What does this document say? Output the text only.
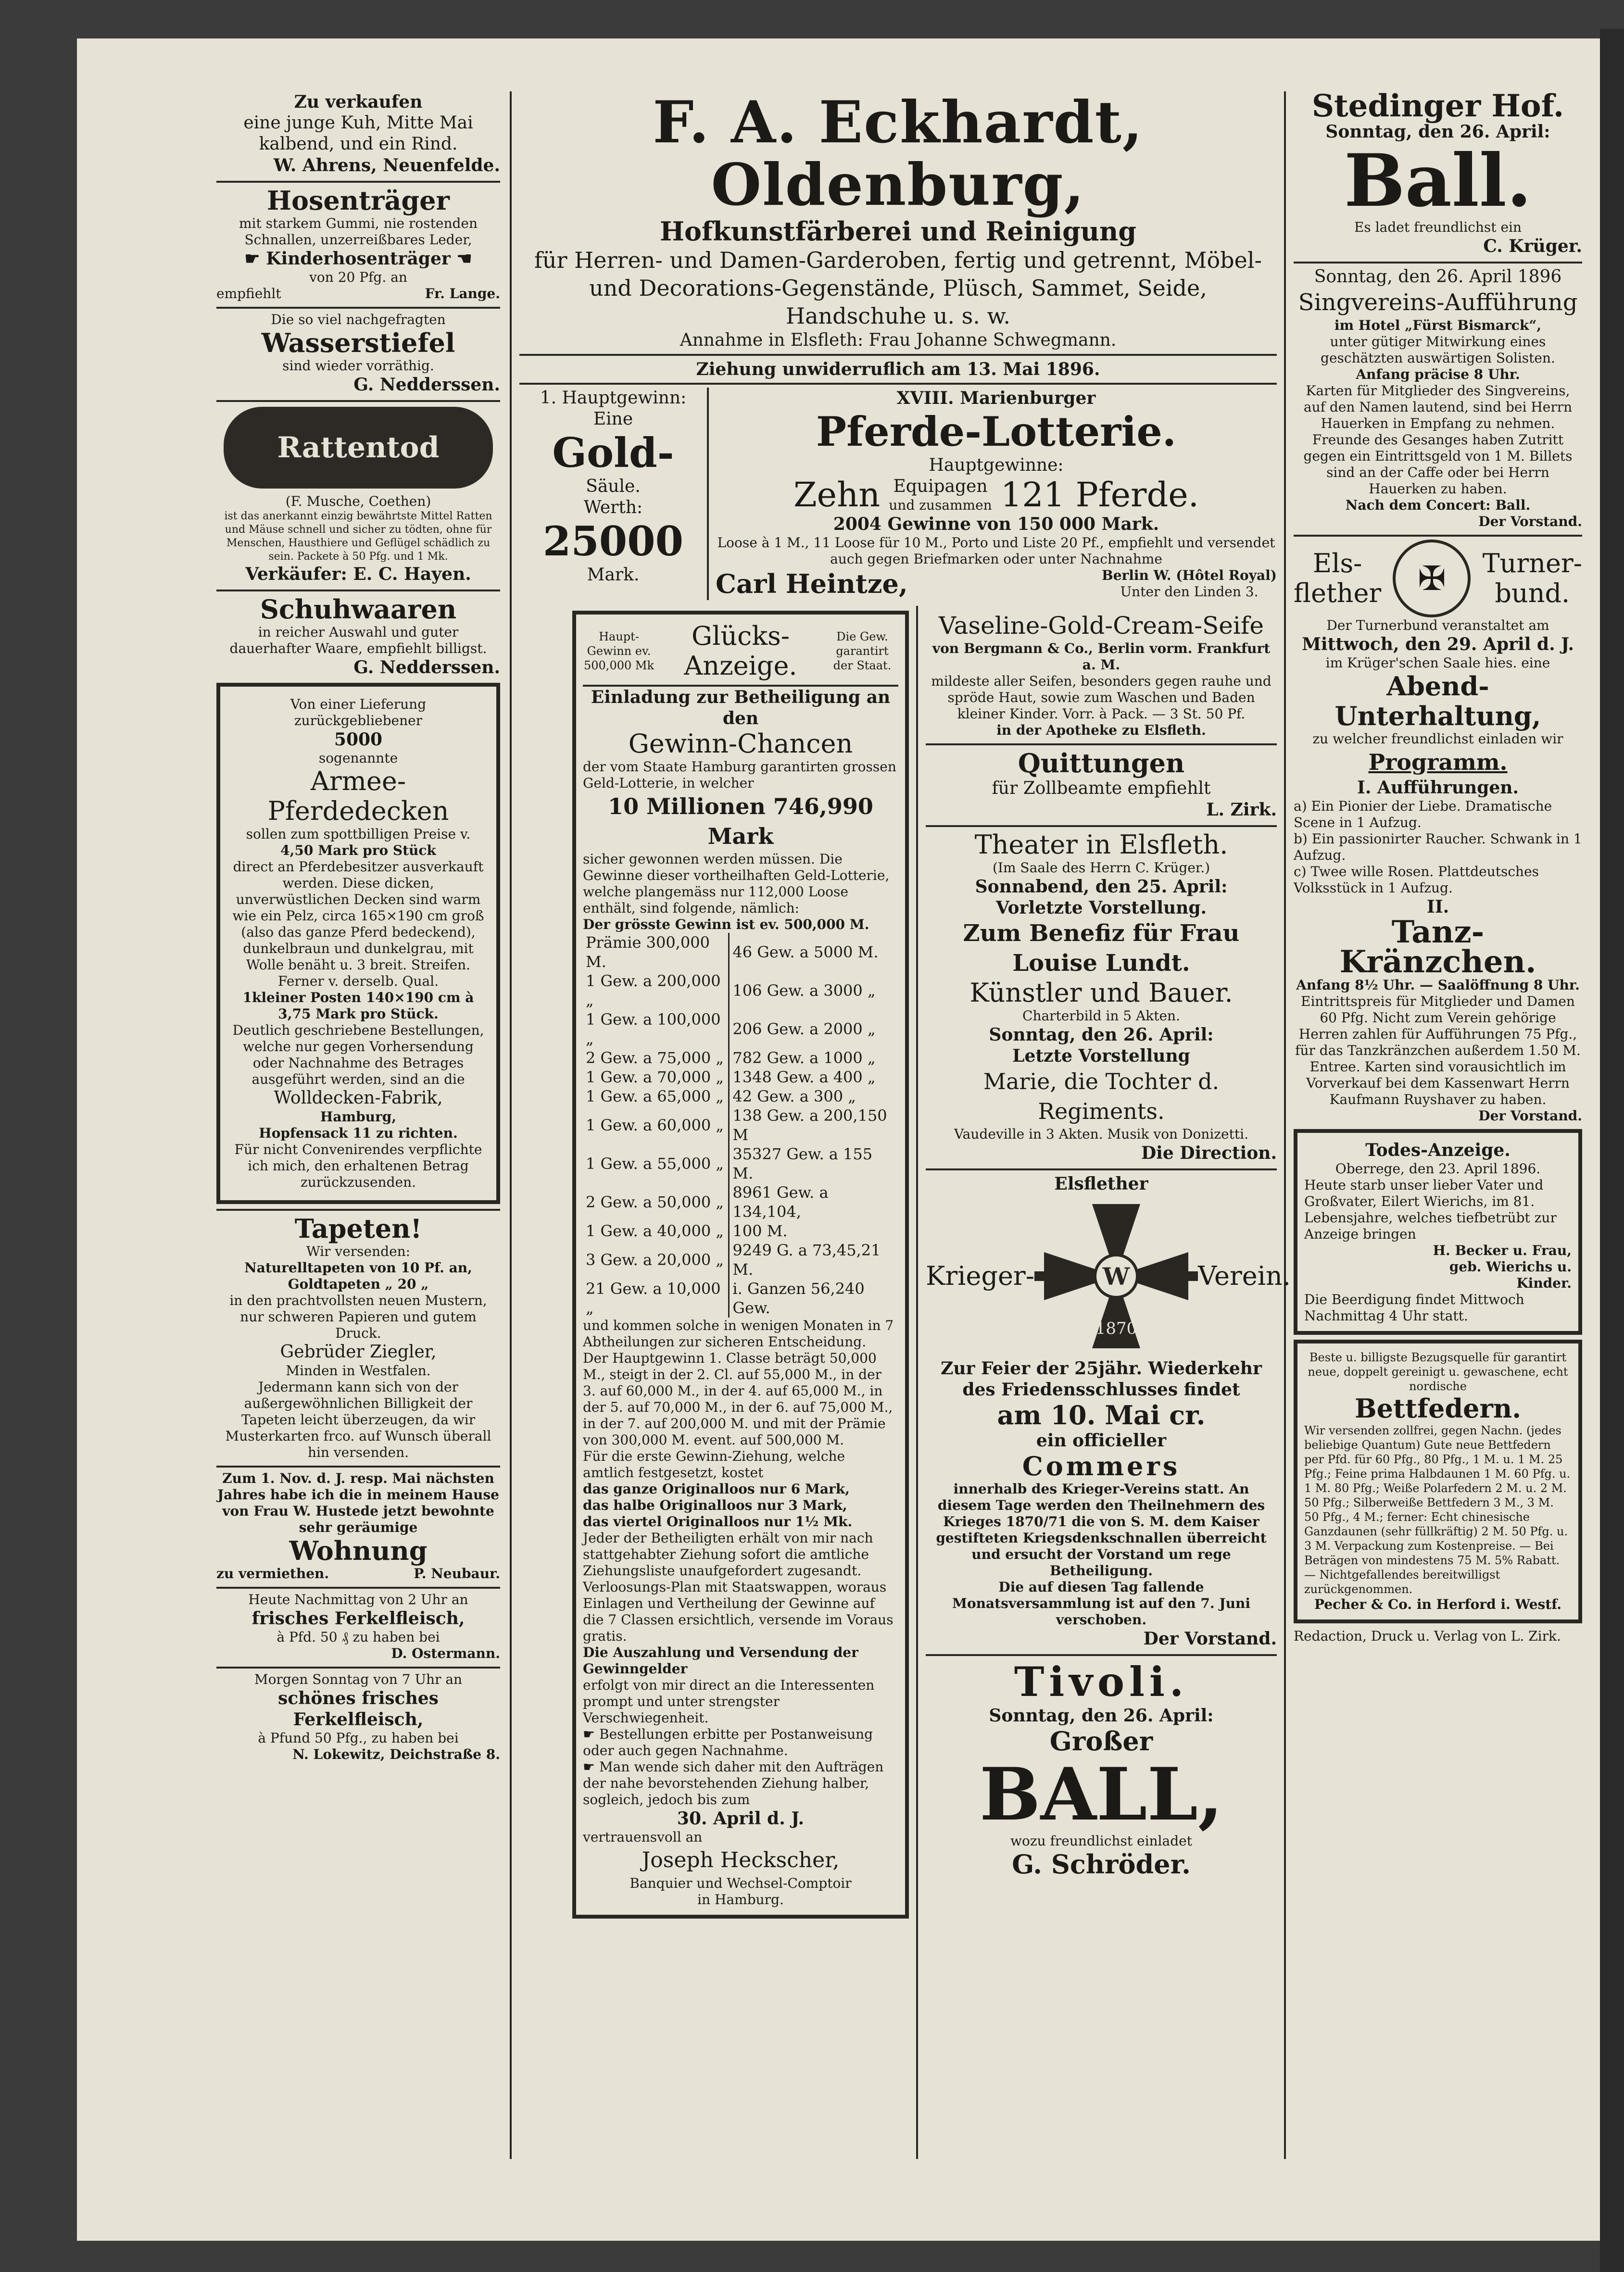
Zu verkaufen
eine junge Kuh, Mitte Mai kalbend, und ein Rind.
W. Ahrens, Neuenfelde.
Hosenträger
mit starkem Gummi, nie rostenden Schnallen, unzerreißbares Leder,
☛ Kinderhosenträger ☚
von 20 Pfg. an
empfiehlt	Fr. Lange.
Die so viel nachgefragten
Wasserstiefel
sind wieder vorräthig.
G. Nedderssen.
Rattentod
(F. Musche, Coethen)
ist das anerkannt einzig bewährtste Mittel Ratten und Mäuse schnell und sicher zu tödten, ohne für Menschen, Hausthiere und Geflügel schädlich zu sein. Packete à 50 Pfg. und 1 Mk.
Verkäufer: E. C. Hayen.
Schuhwaaren
in reicher Auswahl und guter dauerhafter Waare, empfiehlt billigst.
G. Nedderssen.
Von einer Lieferung zurückgebliebener
5000
sogenannte
Armee-
Pferdedecken
sollen zum spottbilligen Preise v.
4,50 Mark pro Stück
direct an Pferdebesitzer ausverkauft werden. Diese dicken, unverwüstlichen Decken sind warm wie ein Pelz, circa 165×190 cm groß (also das ganze Pferd bedeckend), dunkelbraun und dunkelgrau, mit Wolle benäht u. 3 breit. Streifen. Ferner v. derselb. Qual.
1kleiner Posten 140×190 cm à 3,75 Mark pro Stück.
Deutlich geschriebene Bestellungen, welche nur gegen Vorhersendung oder Nachnahme des Betrages ausgeführt werden, sind an die
Wolldecken-Fabrik,
Hamburg,
Hopfensack 11 zu richten.
Für nicht Convenirendes verpflichte ich mich, den erhaltenen Betrag zurückzusenden.
Tapeten!
Wir versenden:
Naturelltapeten von 10 Pf. an,
Goldtapeten „ 20 „
in den prachtvollsten neuen Mustern, nur schweren Papieren und gutem Druck.
Gebrüder Ziegler,
Minden in Westfalen.
Jedermann kann sich von der außergewöhnlichen Billigkeit der Tapeten leicht überzeugen, da wir Musterkarten frco. auf Wunsch überall hin versenden.
Zum 1. Nov. d. J. resp. Mai nächsten Jahres habe ich die in meinem Hause von Frau W. Hustede jetzt bewohnte sehr geräumige
Wohnung
zu vermiethen.	P. Neubaur.
Heute Nachmittag von 2 Uhr an
frisches Ferkelfleisch,
à Pfd. 50 ₰ zu haben bei
D. Ostermann.
Morgen Sonntag von 7 Uhr an
schönes frisches Ferkelfleisch,
à Pfund 50 Pfg., zu haben bei
N. Lokewitz, Deichstraße 8.
F. A. Eckhardt, Oldenburg,
Hofkunstfärberei und Reinigung
für Herren- und Damen-Garderoben, fertig und getrennt, Möbel- und Decorations-Gegenstände, Plüsch, Sammet, Seide, Handschuhe u. s. w.
Annahme in Elsfleth: Frau Johanne Schwegmann.
Ziehung unwiderruflich am 13. Mai 1896.
1. Hauptgewinn:
Eine
Gold-
Säule.
Werth:
25000
Mark.
XVIII. Marienburger
Pferde-Lotterie.
Hauptgewinne:
Zehn Equipagen
und zusammen 121 Pferde.
2004 Gewinne von 150 000 Mark.
Loose à 1 M., 11 Loose für 10 M., Porto und Liste 20 Pf., empfiehlt und versendet auch gegen Briefmarken oder unter Nachnahme
Carl Heintze,	Berlin W. (Hôtel Royal)
Unter den Linden 3.
Haupt-Gewinn ev. 500,000 Mk
Glücks-
Anzeige.
Die Gew. garantirt der Staat.
Einladung zur Betheiligung an den
Gewinn-Chancen
der vom Staate Hamburg garantirten grossen Geld-Lotterie, in welcher
10 Millionen 746,990 Mark
sicher gewonnen werden müssen. Die Gewinne dieser vortheilhaften Geld-Lotterie, welche plangemäss nur 112,000 Loose enthält, sind folgende, nämlich:
Der grösste Gewinn ist ev. 500,000 M.
Prämie 300,000 M.	46 Gew. a 5000 M.
1 Gew. a 200,000 „	106 Gew. a 3000 „
1 Gew. a 100,000 „	206 Gew. a 2000 „
2 Gew. a 75,000 „	782 Gew. a 1000 „
1 Gew. a 70,000 „	1348 Gew. a 400 „
1 Gew. a 65,000 „	42 Gew. a 300 „
1 Gew. a 60,000 „	138 Gew. a 200,150 M
1 Gew. a 55,000 „	35327 Gew. a 155 M.
2 Gew. a 50,000 „	8961 Gew. a 134,104,
1 Gew. a 40,000 „	100 M.
3 Gew. a 20,000 „	9249 G. a 73,45,21 M.
21 Gew. a 10,000 „	i. Ganzen 56,240 Gew.
und kommen solche in wenigen Monaten in 7 Abtheilungen zur sicheren Entscheidung.
Der Hauptgewinn 1. Classe beträgt 50,000 M., steigt in der 2. Cl. auf 55,000 M., in der 3. auf 60,000 M., in der 4. auf 65,000 M., in der 5. auf 70,000 M., in der 6. auf 75,000 M., in der 7. auf 200,000 M. und mit der Prämie von 300,000 M. event. auf 500,000 M.
Für die erste Gewinn-Ziehung, welche amtlich festgesetzt, kostet
das ganze Originalloos nur 6 Mark,
das halbe Originalloos nur 3 Mark,
das viertel Originalloos nur 1½ Mk.
Jeder der Betheiligten erhält von mir nach stattgehabter Ziehung sofort die amtliche Ziehungsliste unaufgefordert zugesandt.
Verloosungs-Plan mit Staatswappen, woraus Einlagen und Vertheilung der Gewinne auf die 7 Classen ersichtlich, versende im Voraus gratis.
Die Auszahlung und Versendung der Gewinngelder
erfolgt von mir direct an die Interessenten prompt und unter strengster Verschwiegenheit.
☛ Bestellungen erbitte per Postanweisung oder auch gegen Nachnahme.
☛ Man wende sich daher mit den Aufträgen der nahe bevorstehenden Ziehung halber, sogleich, jedoch bis zum
30. April d. J.
vertrauensvoll an
Joseph Heckscher,
Banquier und Wechsel-Comptoir
in Hamburg.
Vaseline-Gold-Cream-Seife
von Bergmann & Co., Berlin vorm. Frankfurt a. M.
mildeste aller Seifen, besonders gegen rauhe und spröde Haut, sowie zum Waschen und Baden kleiner Kinder. Vorr. à Pack. — 3 St. 50 Pf.
in der Apotheke zu Elsfleth.
Quittungen
für Zollbeamte empfiehlt
L. Zirk.
Theater in Elsfleth.
(Im Saale des Herrn C. Krüger.)
Sonnabend, den 25. April:
Vorletzte Vorstellung.
Zum Benefiz für Frau
Louise Lundt.
Künstler und Bauer.
Charterbild in 5 Akten.
Sonntag, den 26. April:
Letzte Vorstellung
Marie, die Tochter d. Regiments.
Vaudeville in 3 Akten. Musik von Donizetti.
Die Direction.
Elsflether
Krieger-	W
1870
Verein.
Zur Feier der 25jähr. Wiederkehr des Friedensschlusses findet
am 10. Mai cr.
ein officieller
Commers
innerhalb des Krieger-Vereins statt. An diesem Tage werden den Theilnehmern des Krieges 1870/71 die von S. M. dem Kaiser gestifteten Kriegsdenkschnallen überreicht und ersucht der Vorstand um rege Betheiligung.
Die auf diesen Tag fallende Monatsversammlung ist auf den 7. Juni verschoben.
Der Vorstand.
Tivoli.
Sonntag, den 26. April:
Großer
BALL,
wozu freundlichst einladet
G. Schröder.
Stedinger Hof.
Sonntag, den 26. April:
Ball.
Es ladet freundlichst ein
C. Krüger.
Sonntag, den 26. April 1896
Singvereins-Aufführung
im Hotel „Fürst Bismarck“,
unter gütiger Mitwirkung eines geschätzten auswärtigen Solisten.
Anfang präcise 8 Uhr.
Karten für Mitglieder des Singvereins, auf den Namen lautend, sind bei Herrn Hauerken in Empfang zu nehmen. Freunde des Gesanges haben Zutritt gegen ein Eintrittsgeld von 1 M. Billets sind an der Caffe oder bei Herrn Hauerken zu haben.
Nach dem Concert: Ball.
Der Vorstand.
Els-
flether	✠	Turner-
bund.
Der Turnerbund veranstaltet am
Mittwoch, den 29. April d. J.
im Krüger'schen Saale hies. eine
Abend-
Unterhaltung,
zu welcher freundlichst einladen wir
Programm.
I. Aufführungen.
a) Ein Pionier der Liebe. Dramatische Scene in 1 Aufzug.
b) Ein passionirter Raucher. Schwank in 1 Aufzug.
c) Twee wille Rosen. Plattdeutsches Volksstück in 1 Aufzug.
II.
Tanz-Kränzchen.
Anfang 8½ Uhr. — Saalöffnung 8 Uhr.
Eintrittspreis für Mitglieder und Damen 60 Pfg. Nicht zum Verein gehörige Herren zahlen für Aufführungen 75 Pfg., für das Tanzkränzchen außerdem 1.50 M. Entree. Karten sind vorausichtlich im Vorverkauf bei dem Kassenwart Herrn Kaufmann Ruyshaver zu haben.
Der Vorstand.
Todes-Anzeige.
Oberrege, den 23. April 1896.
Heute starb unser lieber Vater und Großvater, Eilert Wierichs, im 81. Lebensjahre, welches tiefbetrübt zur Anzeige bringen
H. Becker u. Frau,
geb. Wierichs u.
Kinder.
Die Beerdigung findet Mittwoch Nachmittag 4 Uhr statt.
Beste u. billigste Bezugsquelle für garantirt neue, doppelt gereinigt u. gewaschene, echt nordische
Bettfedern.
Wir versenden zollfrei, gegen Nachn. (jedes beliebige Quantum) Gute neue Bettfedern per Pfd. für 60 Pfg., 80 Pfg., 1 M. u. 1 M. 25 Pfg.; Feine prima Halbdaunen 1 M. 60 Pfg. u. 1 M. 80 Pfg.; Weiße Polarfedern 2 M. u. 2 M. 50 Pfg.; Silberweiße Bettfedern 3 M., 3 M. 50 Pfg., 4 M.; ferner: Echt chinesische Ganzdaunen (sehr füllkräftig) 2 M. 50 Pfg. u. 3 M. Verpackung zum Kostenpreise. — Bei Beträgen von mindestens 75 M. 5% Rabatt. — Nichtgefallendes bereitwilligst zurückgenommen.
Pecher & Co. in Herford i. Westf.
Redaction, Druck u. Verlag von L. Zirk.
